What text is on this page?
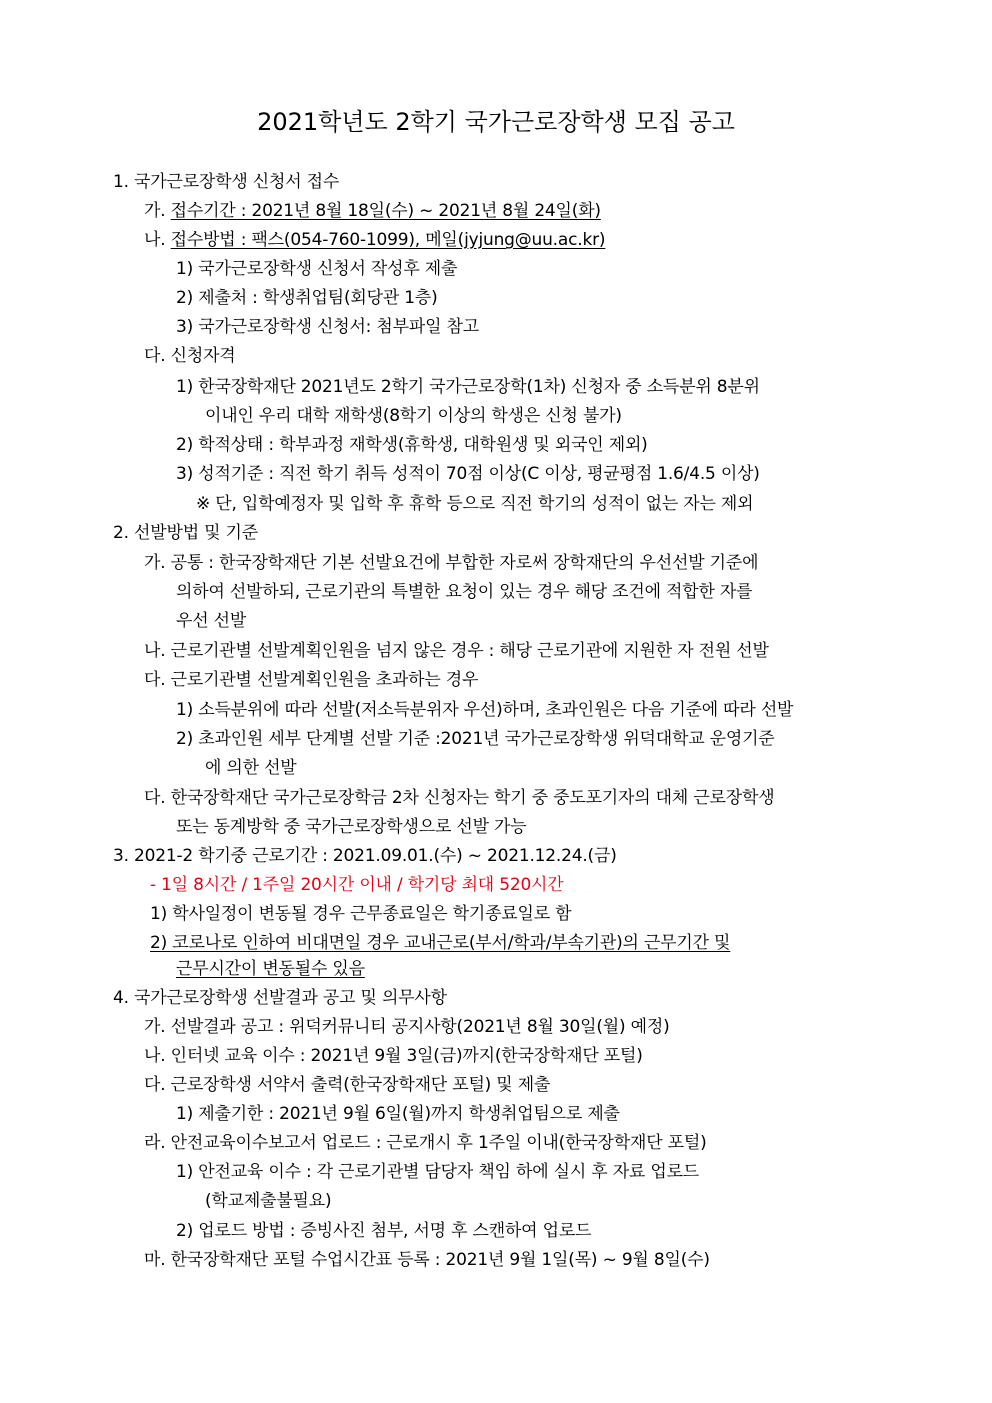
2021학년도 2학기 국가근로장학생 모집 공고
1. 국가근로장학생 신청서 접수
가. 접수기간 : 2021년 8월 18일(수) ~ 2021년 8월 24일(화)
나. 접수방법 : 팩스(054-760-1099), 메일(jyjung@uu.ac.kr)
1) 국가근로장학생 신청서 작성후 제출
2) 제출처 : 학생취업팀(회당관 1층)
3) 국가근로장학생 신청서: 첨부파일 참고
다. 신청자격
1) 한국장학재단 2021년도 2학기 국가근로장학(1차) 신청자 중 소득분위 8분위
이내인 우리 대학 재학생(8학기 이상의 학생은 신청 불가)
2) 학적상태 : 학부과정 재학생(휴학생, 대학원생 및 외국인 제외)
3) 성적기준 : 직전 학기 취득 성적이 70점 이상(C 이상, 평균평점 1.6/4.5 이상)
※ 단, 입학예정자 및 입학 후 휴학 등으로 직전 학기의 성적이 없는 자는 제외
2. 선발방법 및 기준
가. 공통 : 한국장학재단 기본 선발요건에 부합한 자로써 장학재단의 우선선발 기준에
의하여 선발하되, 근로기관의 특별한 요청이 있는 경우 해당 조건에 적합한 자를
우선 선발
나. 근로기관별 선발계획인원을 넘지 않은 경우 : 해당 근로기관에 지원한 자 전원 선발
다. 근로기관별 선발계획인원을 초과하는 경우
1) 소득분위에 따라 선발(저소득분위자 우선)하며, 초과인원은 다음 기준에 따라 선발
2) 초과인원 세부 단계별 선발 기준 :2021년 국가근로장학생 위덕대학교 운영기준
에 의한 선발
다. 한국장학재단 국가근로장학금 2차 신청자는 학기 중 중도포기자의 대체 근로장학생
또는 동계방학 중 국가근로장학생으로 선발 가능
3. 2021-2 학기중 근로기간 : 2021.09.01.(수) ~ 2021.12.24.(금)
- 1일 8시간 / 1주일 20시간 이내 / 학기당 최대 520시간
1) 학사일정이 변동될 경우 근무종료일은 학기종료일로 함
2) 코로나로 인하여 비대면일 경우 교내근로(부서/학과/부속기관)의 근무기간 및
근무시간이 변동될수 있음
4. 국가근로장학생 선발결과 공고 및 의무사항
가. 선발결과 공고 : 위덕커뮤니티 공지사항(2021년 8월 30일(월) 예정)
나. 인터넷 교육 이수 : 2021년 9월 3일(금)까지(한국장학재단 포털)
다. 근로장학생 서약서 출력(한국장학재단 포털) 및 제출
1) 제출기한 : 2021년 9월 6일(월)까지 학생취업팀으로 제출
라. 안전교육이수보고서 업로드 : 근로개시 후 1주일 이내(한국장학재단 포털)
1) 안전교육 이수 : 각 근로기관별 담당자 책임 하에 실시 후 자료 업로드
(학교제출불필요)
2) 업로드 방법 : 증빙사진 첨부, 서명 후 스캔하여 업로드
마. 한국장학재단 포털 수업시간표 등록 : 2021년 9월 1일(목) ~ 9월 8일(수)
